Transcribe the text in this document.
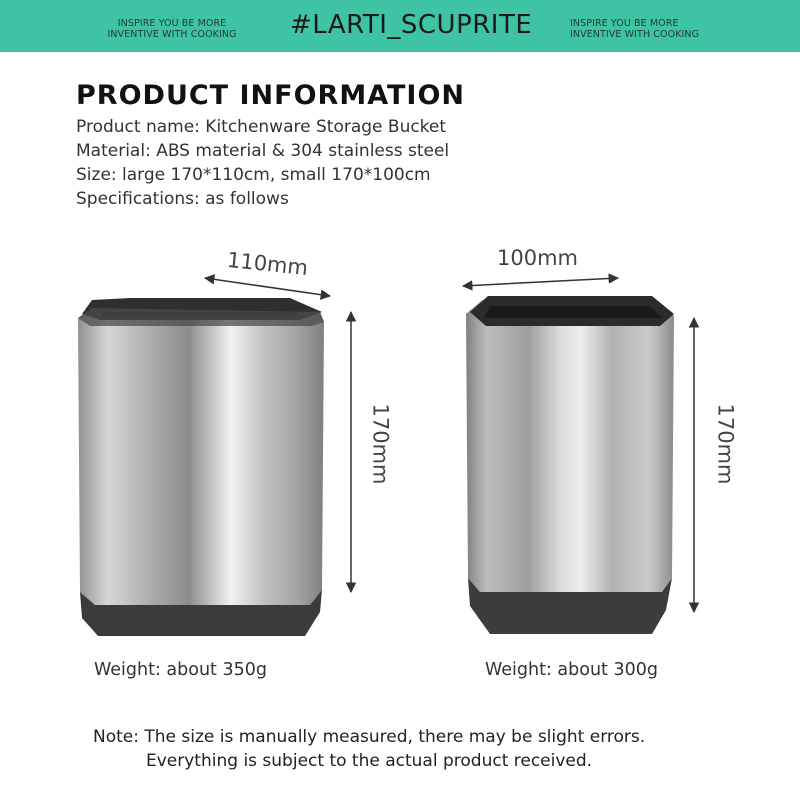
INSPIRE YOU BE MORE
INVENTIVE WITH COOKING #LARTI_SCUPRITE	INSPIRE YOU BE MORE
INVENTIVE WITH COOKING
PRODUCT INFORMATION
Product name: Kitchenware Storage Bucket
Material: ABS material & 304 stainless steel
Size: large 170*110cm, small 170*100cm
Specifications: as follows
110mm
170mm
100mm
170mm
Weight: about 350g	Weight: about 300g
Note: The size is manually measured, there may be slight errors.
Everything is subject to the actual product received.
